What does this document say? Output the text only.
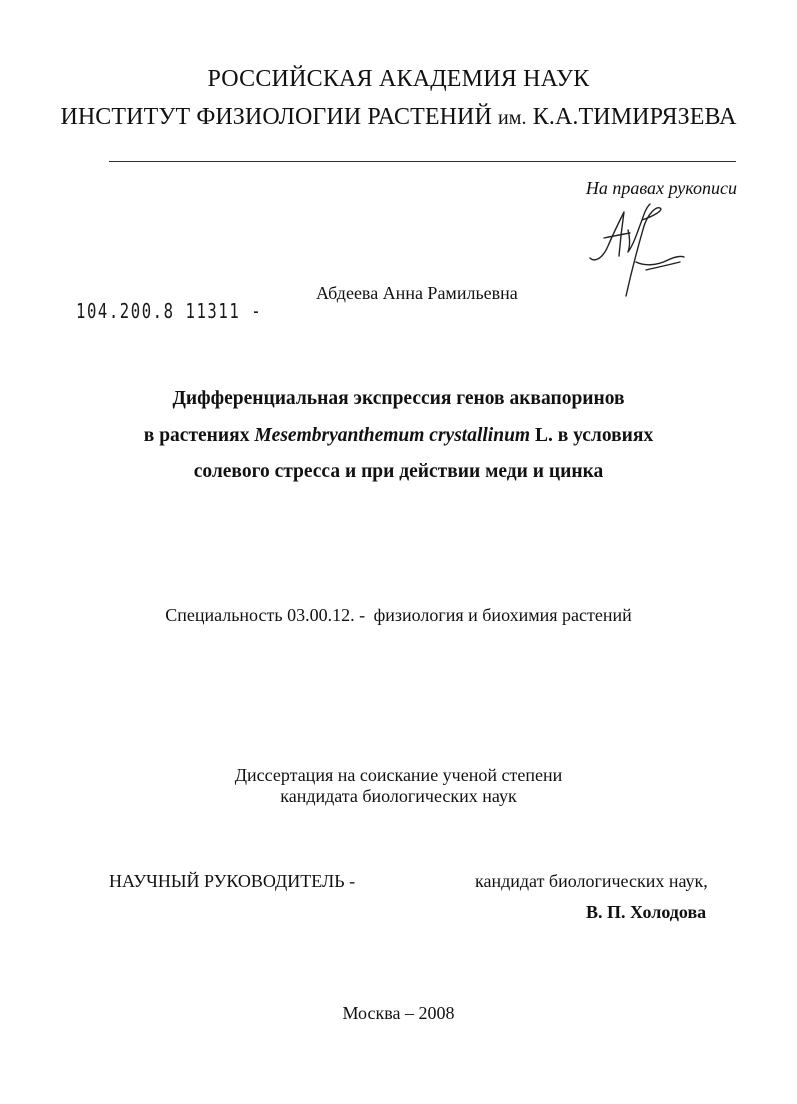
РОССИЙСКАЯ АКАДЕМИЯ НАУК
ИНСТИТУТ ФИЗИОЛОГИИ РАСТЕНИЙ им. К.А.ТИМИРЯЗЕВА
На правах рукописи
Абдеева Анна Рамильевна
104.200.8 11311 -
Дифференциальная экспрессия генов аквапоринов
в растениях Mesembryanthemum crystallinum L. в условиях
солевого стресса и при действии меди и цинка
Специальность 03.00.12. - физиология и биохимия растений
Диссертация на соискание ученой степени
кандидата биологических наук
НАУЧНЫЙ РУКОВОДИТЕЛЬ -	кандидат биологических наук,
В. П. Холодова
Москва – 2008
